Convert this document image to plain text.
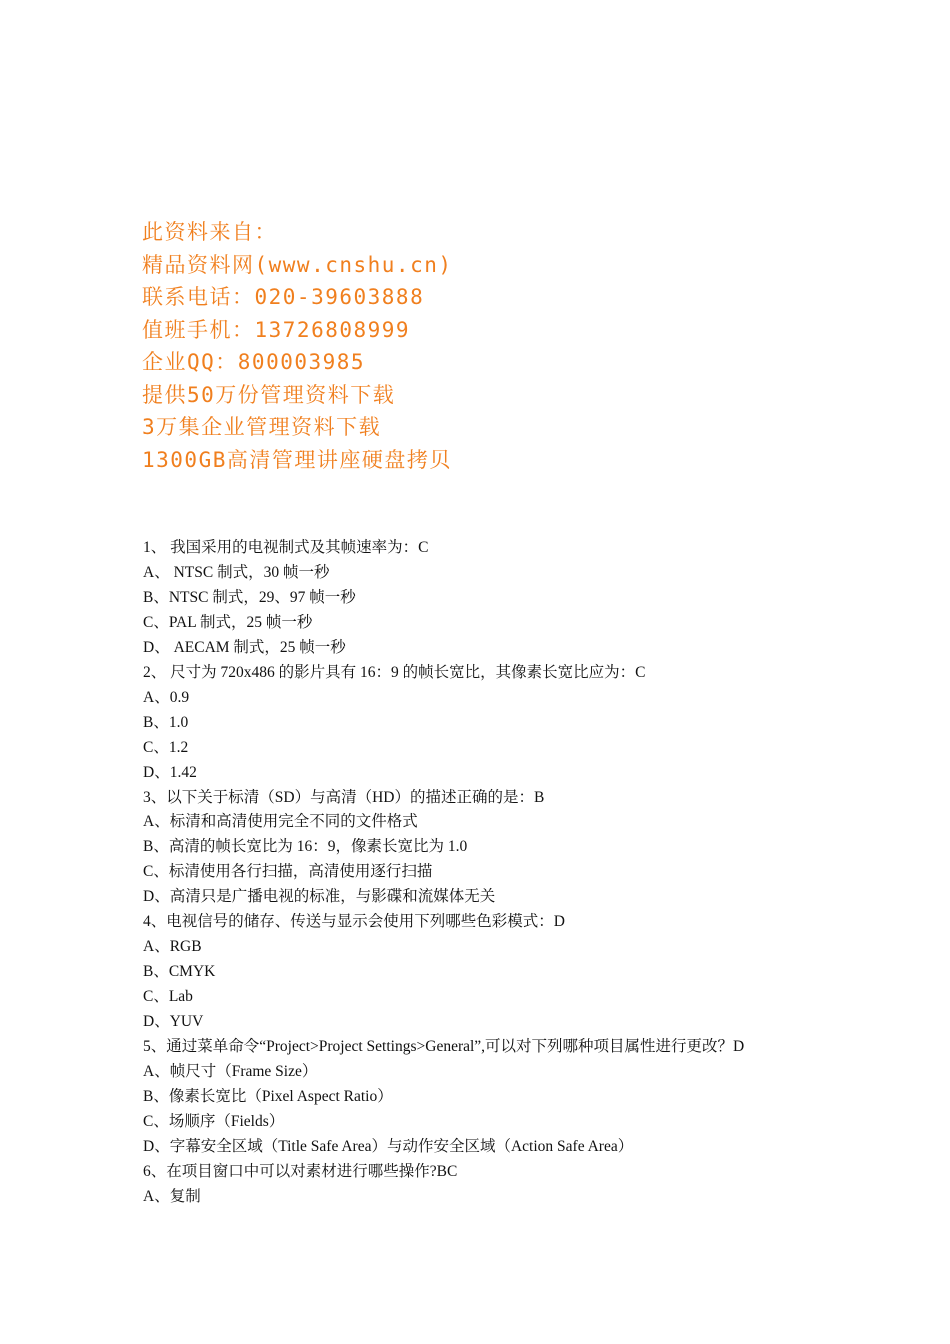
此资料来自：
精品资料网(www.cnshu.cn)
联系电话：020-39603888
值班手机：13726808999
企业QQ：800003985
提供50万份管理资料下载
3万集企业管理资料下载
1300GB高清管理讲座硬盘拷贝
1、 我国采用的电视制式及其帧速率为：C
A、 NTSC 制式，30 帧一秒
B、NTSC 制式，29、97 帧一秒
C、PAL 制式，25 帧一秒
D、 AECAM 制式，25 帧一秒
2、 尺寸为 720x486 的影片具有 16：9 的帧长宽比，其像素长宽比应为：C
A、0.9
B、1.0
C、1.2
D、1.42
3、以下关于标清（SD）与高清（HD）的描述正确的是：B
A、标清和高清使用完全不同的文件格式
B、高清的帧长宽比为 16：9，像素长宽比为 1.0
C、标清使用各行扫描，高清使用逐行扫描
D、高清只是广播电视的标准，与影碟和流媒体无关
4、电视信号的储存、传送与显示会使用下列哪些色彩模式：D
A、RGB
B、CMYK
C、Lab
D、YUV
5、通过菜单命令“Project>Project Settings>General”,可以对下列哪种项目属性进行更改？D
A、帧尺寸（Frame Size）
B、像素长宽比（Pixel Aspect Ratio）
C、场顺序（Fields）
D、字幕安全区域（Title Safe Area）与动作安全区域（Action Safe Area）
6、在项目窗口中可以对素材进行哪些操作?BC
A、复制
